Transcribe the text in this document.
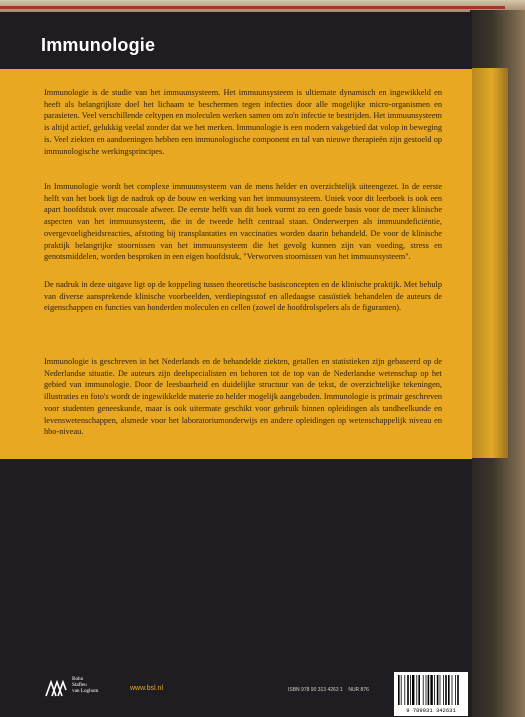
Immunologie

Immunologie is de studie van het immuunsysteem. Het immuunsysteem is ultiemate dynamisch en ingewikkeld en heeft als belangrijkste doel het lichaam te beschermen tegen infecties door alle mogelijke micro-organismen en parasieten. Veel verschillende celtypen en moleculen werken samen om zo'n infectie te bestrijden. Het immuunsysteem is altijd actief, gelukkig veelal zonder dat we het merken. Immunologie is een modern vakgebied dat volop in beweging is. Veel ziekten en aandoeningen hebben een immunologische component en tal van nieuwe therapieën zijn gestoeld op immunologische werkingsprincipes.

In Immunologie wordt het complexe immuunsysteem van de mens helder en overzichtelijk uiteengezet. In de eerste helft van het boek ligt de nadruk op de bouw en werking van het immuunsysteem. Uniek voor dit leerboek is ook een apart hoofdstuk over mucosale afweer. De eerste helft van dit boek vormt zo een goede basis voor de meer klinische aspecten van het immuunsysteem, die in de tweede helft centraal staan. Onderwerpen als immuundeficiëntie, overgevoeligheidsreacties, afstoting bij transplantaties en vaccinaties worden daarin behandeld. De voor de klinische praktijk belangrijke stoornissen van het immuunsysteem die het gevolg kunnen zijn van voeding, stress en genotsmiddelen, worden besproken in een eigen hoofdstuk, "Verworven stoornissen van het immuunsysteem".

De nadruk in deze uitgave ligt op de koppeling tussen theoretische basisconcepten en de klinische praktijk. Met behulp van diverse aansprekende klinische voorbeelden, verdiepingsstof en alledaagse casuïstiek behandelen de auteurs de eigenschappen en functies van honderden moleculen en cellen (zowel de hoofdrolspelers als de figuranten).

Immunologie is geschreven in het Nederlands en de behandelde ziekten, getallen en statistieken zijn gebaseerd op de Nederlandse situatie. De auteurs zijn deelspecialisten en behoren tot de top van de Nederlandse wetenschap op het gebied van immunologie. Door de leesbaarheid en duidelijke structuur van de tekst, de overzichtelijke tekeningen, illustraties en foto's wordt de ingewikkelde materie zo helder mogelijk aangeboden. Immunologie is primair geschreven voor studenten geneeskunde, maar is ook uitermate geschikt voor gebruik binnen opleidingen als tandheelkunde en levenswetenschappen, alsmede voor het laboratoriumonderwijs en andere opleidingen op wetenschappelijk niveau en hbo-niveau.

Bohn
Stafleu
van Loghum	www.bsl.nl	ISBN 978 90 313 4263 1 NUR 876

9 789031 342631
